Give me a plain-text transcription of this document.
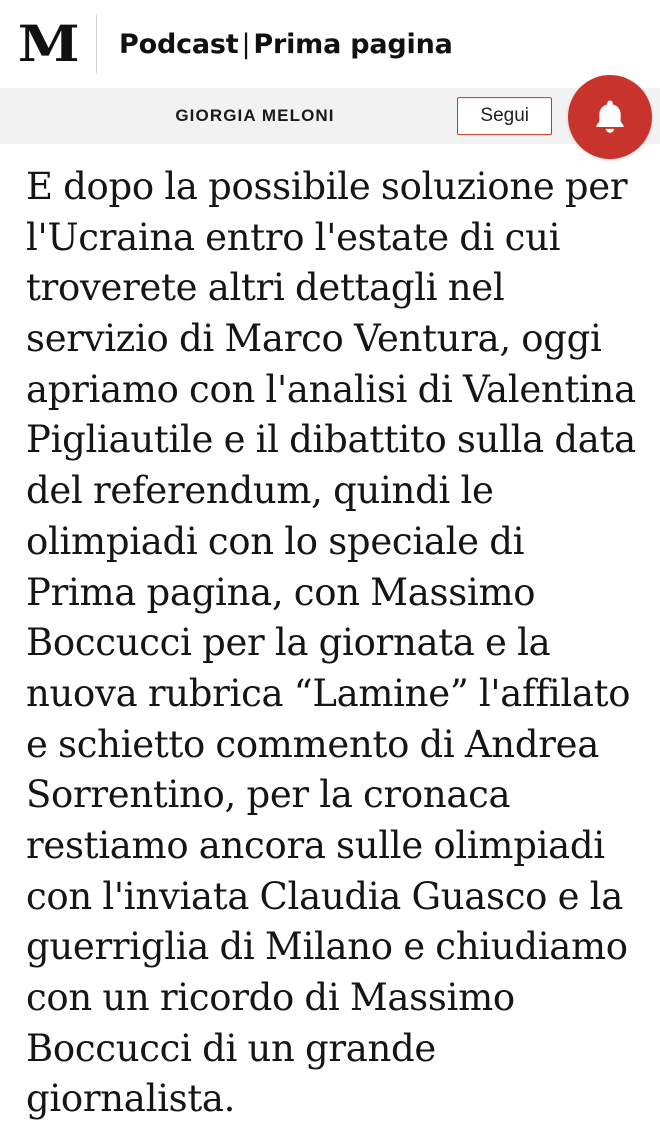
M Podcast | Prima pagina
GIORGIA MELONI	Segui

E dopo la possibile soluzione per l'Ucraina entro l'estate di cui troverete altri dettagli nel servizio di Marco Ventura, oggi apriamo con l'analisi di Valentina Pigliautile e il dibattito sulla data del referendum, quindi le olimpiadi con lo speciale di Prima pagina, con Massimo Boccucci per la giornata e la nuova rubrica “Lamine” l'affilato e schietto commento di Andrea Sorrentino, per la cronaca restiamo ancora sulle olimpiadi con l'inviata Claudia Guasco e la guerriglia di Milano e chiudiamo con un ricordo di Massimo Boccucci di un grande giornalista.
